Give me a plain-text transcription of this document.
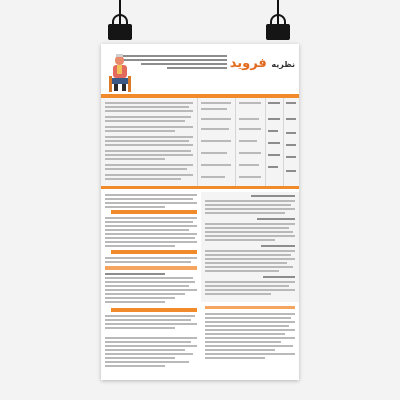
نظریه فروید
